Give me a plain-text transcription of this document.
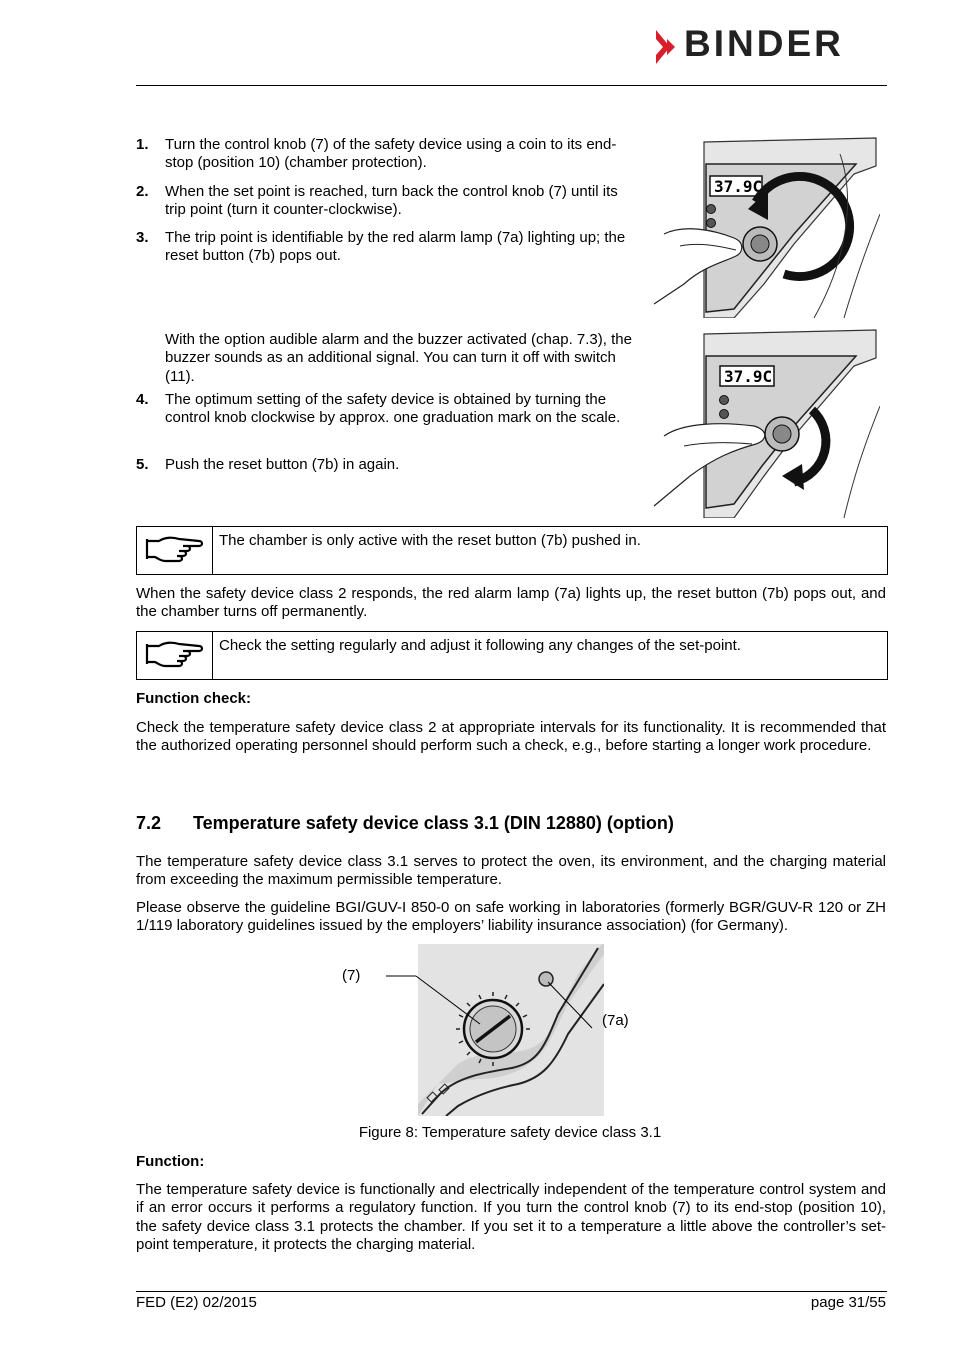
BINDER
1. Turn the control knob (7) of the safety device using a coin to its end-stop (position 10) (chamber protection).
2. When the set point is reached, turn back the control knob (7) until its trip point (turn it counter-clockwise).
3. The trip point is identifiable by the red alarm lamp (7a) lighting up; the reset button (7b) pops out.
With the option audible alarm and the buzzer activated (chap. 7.3), the buzzer sounds as an additional signal. You can turn it off with switch (11).
4. The optimum setting of the safety device is obtained by turning the control knob clockwise by approx. one graduation mark on the scale.
5. Push the reset button (7b) in again.
37.9C
37.9C
The chamber is only active with the reset button (7b) pushed in.
When the safety device class 2 responds, the red alarm lamp (7a) lights up, the reset button (7b) pops out, and the chamber turns off permanently.
Check the setting regularly and adjust it following any changes of the set-point.
Function check:
Check the temperature safety device class 2 at appropriate intervals for its functionality. It is recommended that the authorized operating personnel should perform such a check, e.g., before starting a longer work procedure.
7.2 Temperature safety device class 3.1 (DIN 12880) (option)
The temperature safety device class 3.1 serves to protect the oven, its environment, and the charging material from exceeding the maximum permissible temperature.
Please observe the guideline BGI/GUV-I 850-0 on safe working in laboratories (formerly BGR/GUV-R 120 or ZH 1/119 laboratory guidelines issued by the employers’ liability insurance association) (for Germany).
(7)
(7a)
Figure 8: Temperature safety device class 3.1
Function:
The temperature safety device is functionally and electrically independent of the temperature control system and if an error occurs it performs a regulatory function. If you turn the control knob (7) to its end-stop (position 10), the safety device class 3.1 protects the chamber. If you set it to a temperature a little above the controller’s set-point temperature, it protects the charging material.
FED (E2) 02/2015	page 31/55
